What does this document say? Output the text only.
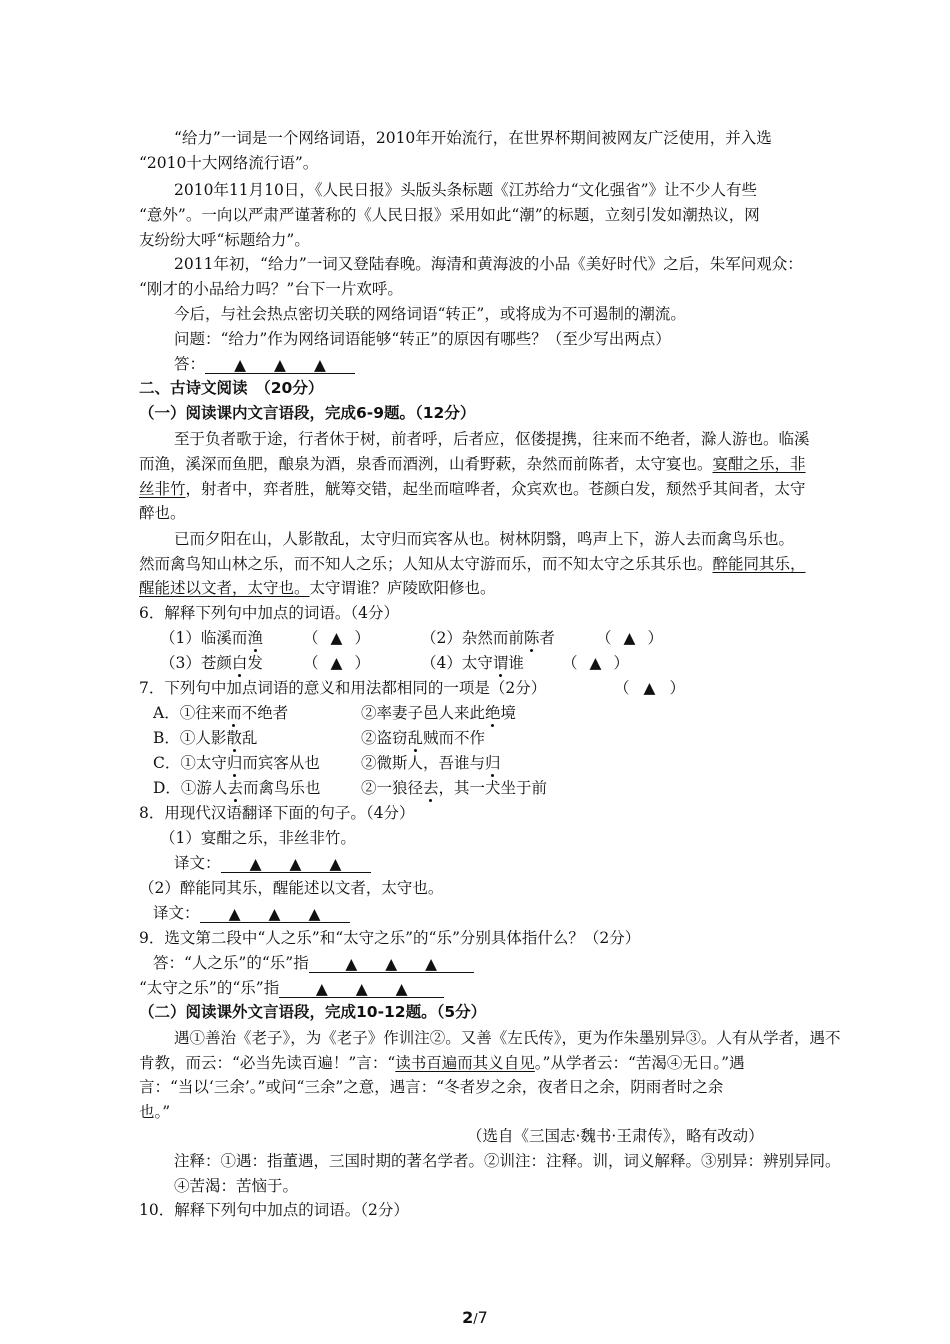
“给力”一词是一个网络词语，2010年开始流行，在世界杯期间被网友广泛使用，并入选
“2010十大网络流行语”。
2010年11月10日，《人民日报》头版头条标题《江苏给力“文化强省”》让不少人有些
“意外”。一向以严肃严谨著称的《人民日报》采用如此“潮”的标题，立刻引发如潮热议，网
友纷纷大呼“标题给力”。
2011年初，“给力”一词又登陆春晚。海清和黄海波的小品《美好时代》之后，朱军问观众：
“刚才的小品给力吗？”台下一片欢呼。
今后，与社会热点密切关联的网络词语“转正”，或将成为不可遏制的潮流。
问题：“给力”作为网络词语能够“转正”的原因有哪些？（至少写出两点）
答： ▲ ▲ ▲
二、古诗文阅读　（20分）
（一）阅读课内文言语段，完成6-9题。（12分）
至于负者歌于途，行者休于树，前者呼，后者应，伛偻提携，往来而不绝者，滁人游也。临溪
而渔，溪深而鱼肥，酿泉为酒，泉香而酒洌，山肴野蔌，杂然而前陈者，太守宴也。宴酣之乐，非
丝非竹，射者中，弈者胜，觥筹交错，起坐而喧哗者，众宾欢也。苍颜白发，颓然乎其间者，太守
醉也。
已而夕阳在山，人影散乱，太守归而宾客从也。树林阴翳，鸣声上下，游人去而禽鸟乐也。
然而禽鸟知山林之乐，而不知人之乐；人知从太守游而乐，而不知太守之乐其乐也。醉能同其乐，
醒能述以文者，太守也。太守谓谁？庐陵欧阳修也。
6．解释下列句中加点的词语。（4分）
（1）临溪而渔	（ ▲ ）	（2）杂然而前陈者	（ ▲ ）
（3）苍颜白发	（ ▲ ）	（4）太守谓谁 （ ▲ ）
7．下列句中加点词语的意义和用法都相同的一项是（2分）	（ ▲ ）
A．①往来而不绝者	②率妻子邑人来此绝境
B．①人影散乱	②盗窃乱贼而不作
C．①太守归而宾客从也	②微斯人，吾谁与归
D．①游人去而禽鸟乐也	②一狼径去，其一犬坐于前
8．用现代汉语翻译下面的句子。（4分）
（1）宴酣之乐，非丝非竹。
译文： ▲ ▲ ▲
（2）醉能同其乐，醒能述以文者，太守也。
译文： ▲ ▲ ▲
9．选文第二段中“人之乐”和“太守之乐”的“乐”分别具体指什么？（2分）
答：“人之乐”的“乐”指 ▲ ▲ ▲
“太守之乐”的“乐”指 ▲ ▲ ▲
（二）阅读课外文言语段，完成10-12题。（5分）
遇①善治《老子》，为《老子》作训注②。又善《左氏传》，更为作朱墨别异③。人有从学者，遇不
肯教，而云：“必当先读百遍！”言：“读书百遍而其义自见。”从学者云：“苦渴④无日。”遇
言：“当以‘三余’。”或问“三余”之意，遇言：“冬者岁之余，夜者日之余，阴雨者时之余
也。”
（选自《三国志·魏书·王肃传》，略有改动）
注释：①遇：指董遇，三国时期的著名学者。②训注：注释。训，词义解释。③别异：辨别异同。
④苦渴：苦恼于。
10．解释下列句中加点的词语。（2分）
2/7
